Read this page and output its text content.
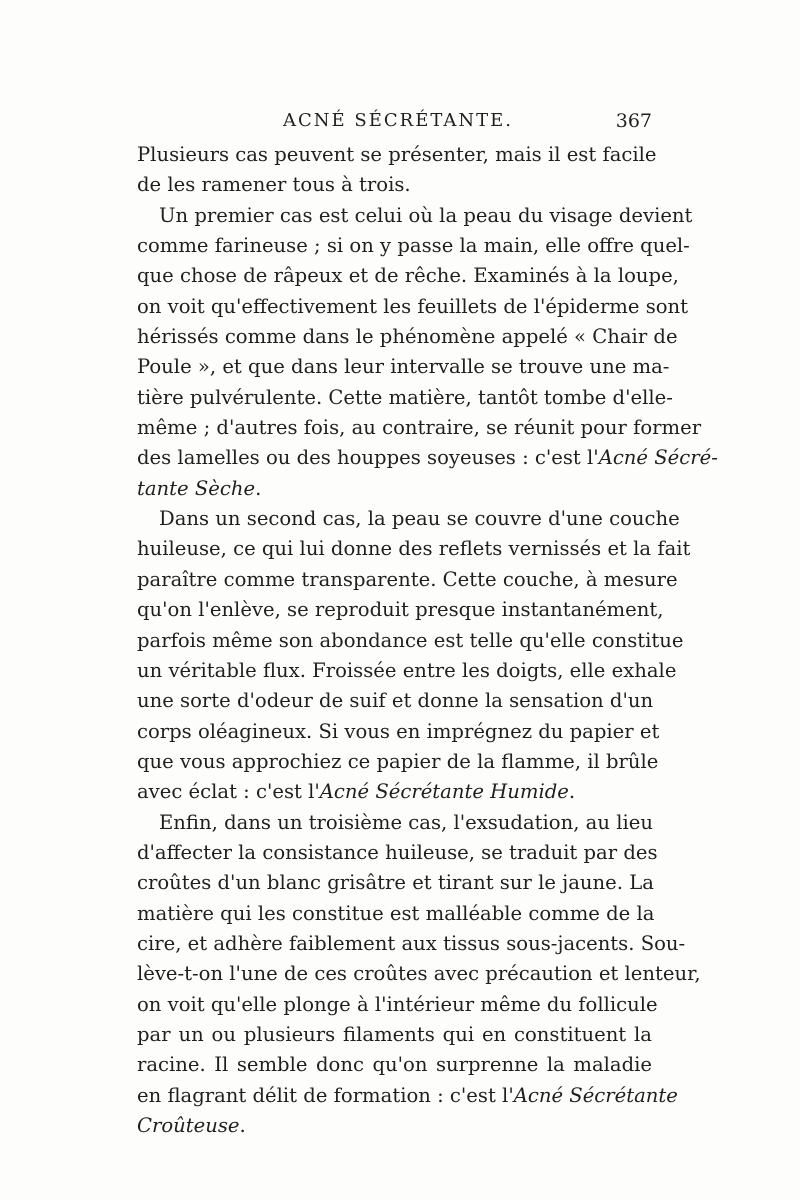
ACNÉ SÉCRÉTANTE.	367
Plusieurs cas peuvent se présenter, mais il est facile
de les ramener tous à trois.
Un premier cas est celui où la peau du visage devient
comme farineuse ; si on y passe la main, elle offre quel-
que chose de râpeux et de rêche. Examinés à la loupe,
on voit qu'effectivement les feuillets de l'épiderme sont
hérissés comme dans le phénomène appelé « Chair de
Poule », et que dans leur intervalle se trouve une ma-
tière pulvérulente. Cette matière, tantôt tombe d'elle-
même ; d'autres fois, au contraire, se réunit pour former
des lamelles ou des houppes soyeuses : c'est l'Acné Sécré-
tante Sèche.
Dans un second cas, la peau se couvre d'une couche
huileuse, ce qui lui donne des reflets vernissés et la fait
paraître comme transparente. Cette couche, à mesure
qu'on l'enlève, se reproduit presque instantanément,
parfois même son abondance est telle qu'elle constitue
un véritable flux. Froissée entre les doigts, elle exhale
une sorte d'odeur de suif et donne la sensation d'un
corps oléagineux. Si vous en imprégnez du papier et
que vous approchiez ce papier de la flamme, il brûle
avec éclat : c'est l'Acné Sécrétante Humide.
Enfin, dans un troisième cas, l'exsudation, au lieu
d'affecter la consistance huileuse, se traduit par des
croûtes d'un blanc grisâtre et tirant sur le jaune. La
matière qui les constitue est malléable comme de la
cire, et adhère faiblement aux tissus sous-jacents. Sou-
lève-t-on l'une de ces croûtes avec précaution et lenteur,
on voit qu'elle plonge à l'intérieur même du follicule
par un ou plusieurs filaments qui en constituent la
racine. Il semble donc qu'on surprenne la maladie
en flagrant délit de formation : c'est l'Acné Sécrétante
Croûteuse.
